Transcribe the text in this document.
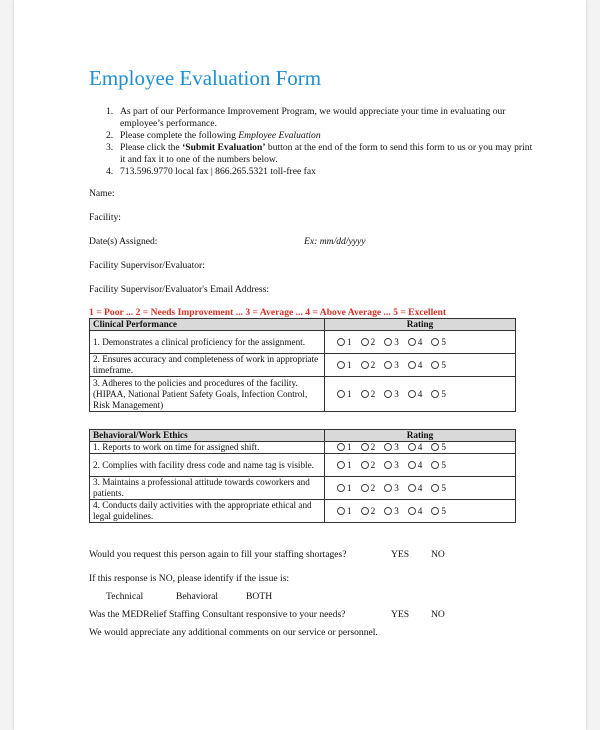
Employee Evaluation Form
1. As part of our Performance Improvement Program, we would appreciate your time in evaluating our employee’s performance.
2. Please complete the following Employee Evaluation
3. Please click the ‘Submit Evaluation’ button at the end of the form to send this form to us or you may print it and fax it to one of the numbers below.
4. 713.596.9770 local fax | 866.265.5321 toll-free fax
Name:
Facility:
Date(s) Assigned:	Ex: mm/dd/yyyy
Facility Supervisor/Evaluator:
Facility Supervisor/Evaluator's Email Address:
1 = Poor ... 2 = Needs Improvement ... 3 = Average ... 4 = Above Average ... 5 = Excellent
Clinical Performance	Rating
1. Demonstrates a clinical proficiency for the assignment.	1 2 3 4 5
2. Ensures accuracy and completeness of work in appropriate timeframe.	1 2 3 4 5
3. Adheres to the policies and procedures of the facility. (HIPAA, National Patient Safety Goals, Infection Control, Risk Management)	1 2 3 4 5
Behavioral/Work Ethics	Rating
1. Reports to work on time for assigned shift.	1 2 3 4 5
2. Complies with facility dress code and name tag is visible.	1 2 3 4 5
3. Maintains a professional attitude towards coworkers and patients.	1 2 3 4 5
4. Conducts daily activities with the appropriate ethical and legal guidelines.	1 2 3 4 5
Would you request this person again to fill your staffing shortages?	YES NO
If this response is NO, please identify if the issue is:
Technical	Behavioral	BOTH
Was the MEDRelief Staffing Consultant responsive to your needs?	YES NO
We would appreciate any additional comments on our service or personnel.
